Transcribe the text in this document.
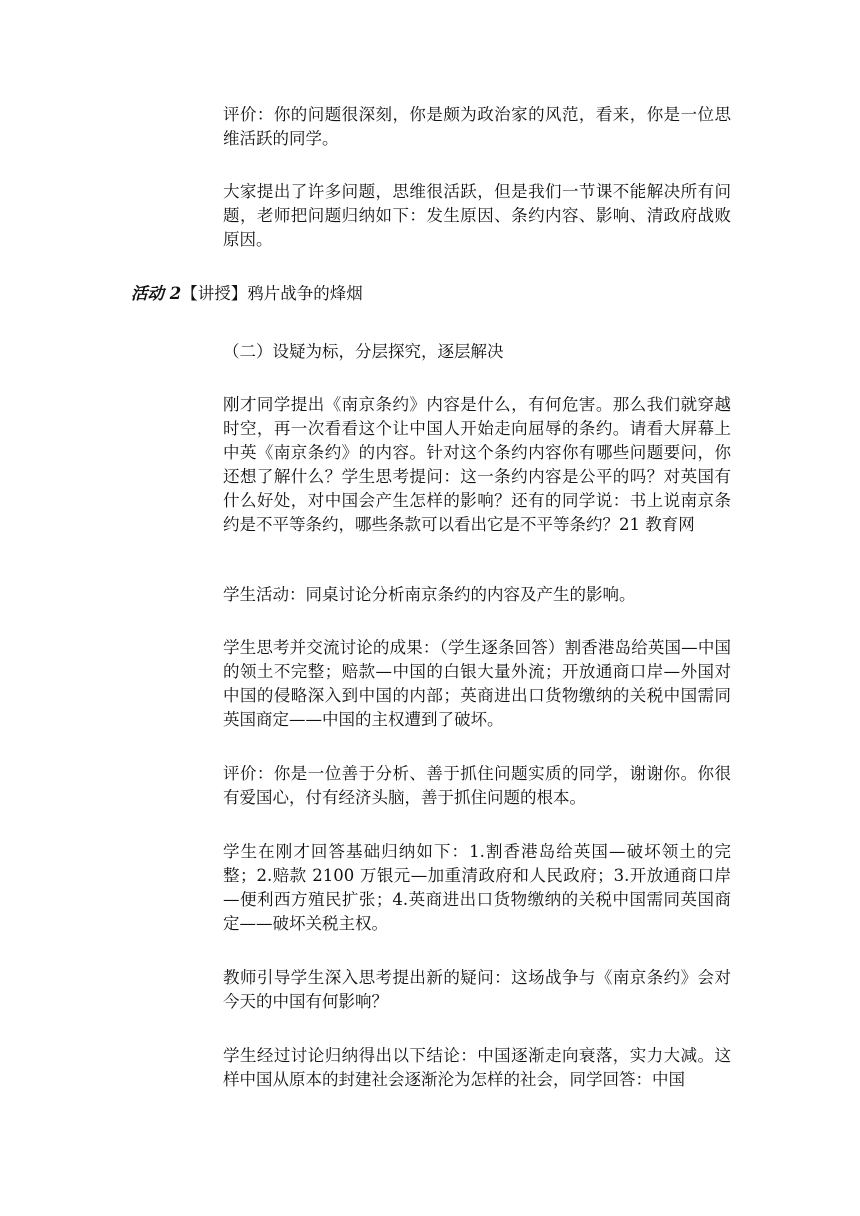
评价：你的问题很深刻，你是颇为政治家的风范，看来，你是一位思维活跃的同学。

大家提出了许多问题，思维很活跃，但是我们一节课不能解决所有问题，老师把问题归纳如下：发生原因、条约内容、影响、清政府战败原因。

活动 2【讲授】鸦片战争的烽烟

（二）设疑为标，分层探究，逐层解决

刚才同学提出《南京条约》内容是什么，有何危害。那么我们就穿越时空，再一次看看这个让中国人开始走向屈辱的条约。请看大屏幕上中英《南京条约》的内容。针对这个条约内容你有哪些问题要问，你还想了解什么？学生思考提问：这一条约内容是公平的吗？对英国有什么好处，对中国会产生怎样的影响？还有的同学说：书上说南京条约是不平等条约，哪些条款可以看出它是不平等条约？21 教育网

学生活动：同桌讨论分析南京条约的内容及产生的影响。

学生思考并交流讨论的成果：（学生逐条回答）割香港岛给英国—中国的领土不完整；赔款—中国的白银大量外流；开放通商口岸—外国对中国的侵略深入到中国的内部；英商进出口货物缴纳的关税中国需同英国商定——中国的主权遭到了破坏。

评价：你是一位善于分析、善于抓住问题实质的同学，谢谢你。你很有爱国心，付有经济头脑，善于抓住问题的根本。

学生在刚才回答基础归纳如下：1.割香港岛给英国—破坏领土的完整；2.赔款 2100 万银元—加重清政府和人民政府；3.开放通商口岸—便利西方殖民扩张；4.英商进出口货物缴纳的关税中国需同英国商定——破坏关税主权。

教师引导学生深入思考提出新的疑问：这场战争与《南京条约》会对今天的中国有何影响？

学生经过讨论归纳得出以下结论：中国逐渐走向衰落，实力大减。这样中国从原本的封建社会逐渐沦为怎样的社会，同学回答：中国
